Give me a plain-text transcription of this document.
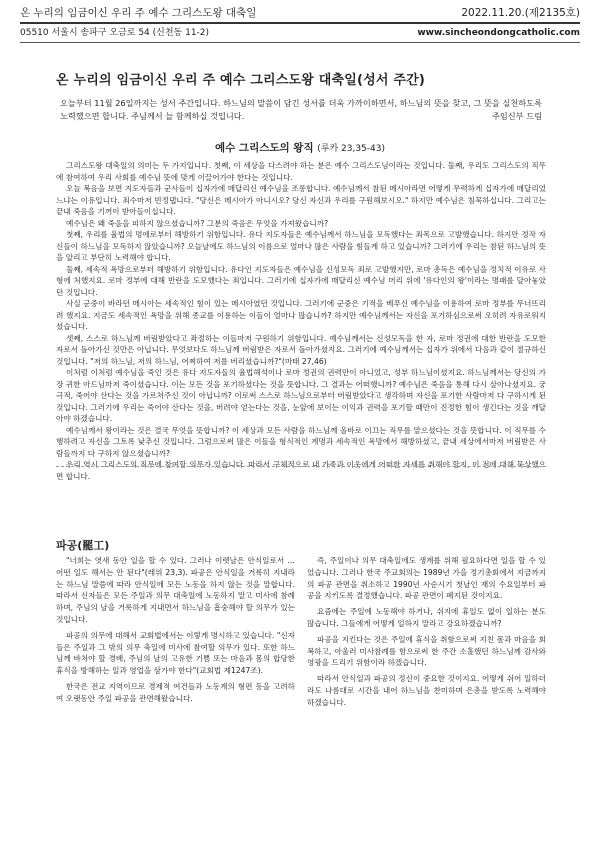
온 누리의 임금이신 우리 주 예수 그리스도왕 대축일	2022.11.20.(제2135호)
05510 서울시 송파구 오금로 54 (신천동 11-2)	www.sincheondongcatholic.com
온 누리의 임금이신 우리 주 예수 그리스도왕 대축일(성서 주간)
오늘부터 11월 26일까지는 성서 주간입니다. 하느님의 말씀이 담긴 성서를 더욱 가까이하면서, 하느님의 뜻을 찾고, 그 뜻을 실천하도록 노력했으면 합니다. 주님께서 늘 함께하실 것입니다.	주임신부 드림
예수 그리스도의 왕직 (루카 23,35-43)

그리스도왕 대축일의 의미는 두 가지입니다. 첫째, 이 세상을 다스려야 하는 분은 예수 그리스도님이라는 것입니다. 둘째, 우리도 그리스도의 직무에 참여하여 우리 사회를 예수님 뜻에 맞게 이끌어가야 한다는 것입니다.

오늘 복음을 보면 지도자들과 군사들이 십자가에 매달리신 예수님을 조롱합니다. 예수님께서 참된 메시아라면 어떻게 무력하게 십자가에 매달리었느냐는 이유입니다. 죄수마저 빈정댑니다. "당신은 메시아가 아니시오? 당신 자신과 우리를 구원해보시오." 하지만 예수님은 침묵하십니다. 그리고는 끝내 죽음을 기꺼이 받아들이십니다.

예수님은 왜 죽음을 피하지 않으셨습니까? 그분의 죽음은 무엇을 가져왔습니까?

첫째, 우리를 율법의 멍에로부터 해방하기 위함입니다. 유다 지도자들은 예수님께서 하느님을 모독했다는 죄목으로 고발했습니다. 하지만 정작 자신들이 하느님을 모독하지 않았습니까? 오늘날에도 하느님의 이름으로 얼마나 많은 사람을 힘들게 하고 있습니까? 그러기에 우리는 참된 하느님의 뜻을 알리고 부단히 노력해야 합니다.

둘째, 세속적 욕망으로부터 해방하기 위함입니다. 유다인 지도자들은 예수님을 신성모독 죄로 고발했지만, 로마 총독은 예수님을 정치적 이유로 사형에 처했지요. 로마 정부에 대해 반란을 도모했다는 죄입니다. 그러기에 십자가에 매달리신 예수님 머리 위에 '유다인의 왕'이라는 명패를 달아놓았던 것입니다.

사실 군중이 바라던 메시아는 세속적인 힘이 있는 메시아였던 것입니다. 그러기에 군중은 기적을 베푸신 예수님을 이용하여 로마 정부를 무너뜨리려 했지요. 지금도 세속적인 욕망을 위해 종교를 이용하는 이들이 얼마나 많습니까? 하지만 예수님께서는 자신을 포기하심으로써 오히려 자유로워지셨습니다.

셋째, 스스로 하느님께 버림받았다고 좌절하는 이들마저 구원하기 위함입니다. 예수님께서는 신성모독을 한 자, 로마 정권에 대한 반란을 도모한 자로서 돌아가신 것만은 아닙니다. 무엇보다도 하느님께 버림받은 자로서 돌아가셨지요. 그러기에 예수님께서는 십자가 위에서 다음과 같이 절규하신 것입니다. "저의 하느님, 저의 하느님, 어찌하여 저를 버리셨습니까?"(마태 27,46)

이처럼 이처럼 예수님을 죽인 것은 유다 지도자들의 율법해석이나 로마 정권의 권력만이 아니었고, 성부 하느님이셨지요. 하느님께서는 당신의 가장 귀한 아드님마저 죽이셨습니다. 이는 모든 것을 포기하셨다는 것을 뜻합니다. 그 결과는 어떠했니까? 예수님은 죽음을 통해 다시 살아나셨지요. 궁극적, 죽어야 산다는 것을 가르쳐주신 것이 아닙니까? 이로써 스스로 하느님으로부터 버림받았다고 생각하며 자신을 포기한 사람마저 다 구하시게 된 것입니다. 그러기에 우리는 죽어야 산다는 것을, 버려야 얻는다는 것을, 눈앞에 보이는 이익과 권력을 포기할 때만이 진정한 힘이 생긴다는 것을 깨달아야 하겠습니다.

예수님께서 왕이라는 것은 결국 무엇을 뜻합니까? 이 세상과 모든 사람을 하느님께 올바로 이끄는 직무를 맡으셨다는 것을 뜻합니다. 이 직무를 수행하려고 자신을 그토록 낮추신 것입니다. 그럼으로써 많은 이들을 형식적인 계명과 세속적인 욕망에서 해방하셨고, 끝내 세상에서마저 버림받은 사람들까지 다 구하지 않으셨습니까?

우리 역시 그리스도의 직무에 참여할 의무가 있습니다. 따라서 구체적으로 내 가족과 이웃에게 어떠한 자세를 취해야 할지, 이 점에 대해 묵상했으면 합니다.

파공(罷工)

"너희는 엿새 동안 일을 할 수 있다. 그러나 이렛날은 안식일로서 … 어떤 일도 해서는 안 된다"(레위 23,3). 파공은 안식일을 거룩히 지내라는 하느님 말씀에 따라 안식일에 모든 노동을 하지 않는 것을 말합니다. 따라서 신자들은 모든 주일과 의무 대축일에 노동하지 말고 미사에 참례하며, 주님의 날을 거룩하게 지내면서 하느님을 흠숭해야 할 의무가 있는 것입니다.

파공의 의무에 대해서 교회법에서는 이렇게 명시하고 있습니다. "신자들은 주일과 그 밖의 의무 축일에 미사에 참여할 의무가 있다. 또한 하느님께 바쳐야 할 경배, 주님의 날의 고유한 기쁨 또는 마음과 몸의 합당한 휴식을 방해하는 일과 영업을 삼가야 한다"(교회법 제1247조).

한국은 전교 지역이므로 경제적 여건들과 노동계의 형편 등을 고려하여 오랫동안 주일 파공을 관면해왔습니다.

즉, 주일이나 의무 대축일에도 생계를 위해 필요하다면 일을 할 수 있었습니다. 그러나 한국 주교회의는 1989년 가을 정기총회에서 지금까지의 파공 관면을 취소하고 1990년 사순시기 첫날인 재의 수요일부터 파공을 지키도록 결정했습니다. 파공 관면이 폐지된 것이지요.

요즘에는 주일에 노동해야 하거나, 쉬지에 휴일도 없이 일하는 분도 많습니다. 그들에게 어떻게 일하지 말라고 강요하겠습니까?

파공을 지킨다는 것은 주일에 휴식을 취함으로써 지친 몸과 마음을 회복하고, 아울러 미사참례를 함으로써 한 주간 소홀했던 하느님께 감사와 영광을 드리기 위함이라 하겠습니다.

따라서 안식일과 파공의 정신이 중요한 것이지요. 어떻게 쉬어 일하더라도 나름대로 시간을 내어 하느님을 찬미하며 은총을 받도록 노력해야 하겠습니다.
